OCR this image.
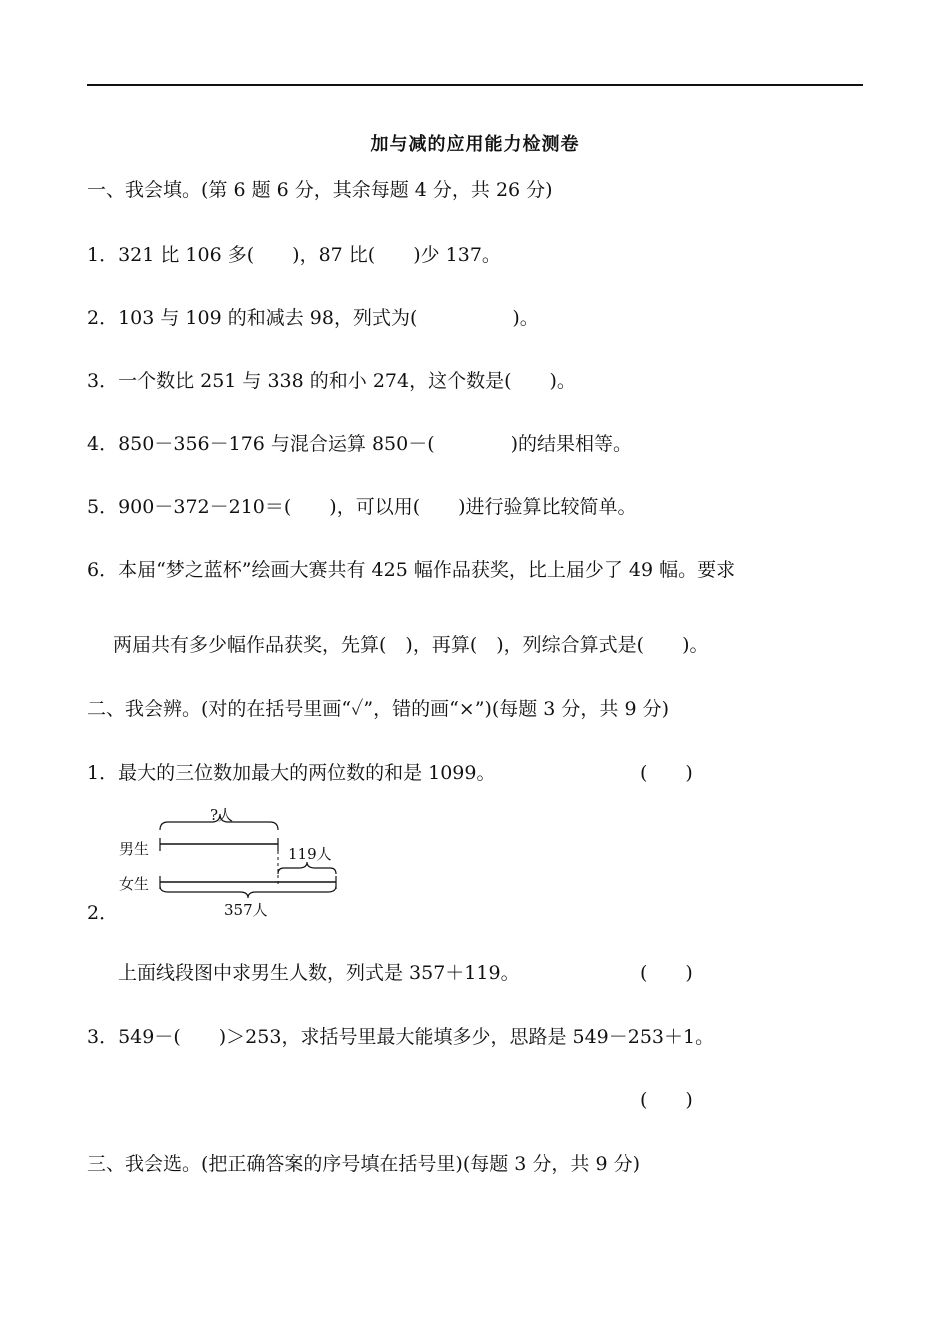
加与减的应用能力检测卷
一、我会填。(第 6 题 6 分，其余每题 4 分，共 26 分)
1．321 比 106 多(　　)，87 比(　　)少 137。
2．103 与 109 的和减去 98，列式为(　　　　　)。
3．一个数比 251 与 338 的和小 274，这个数是(　　)。
4．850－356－176 与混合运算 850－(　　　　)的结果相等。
5．900－372－210＝(　　)，可以用(　　)进行验算比较简单。
6．本届“梦之蓝杯”绘画大赛共有 425 幅作品获奖，比上届少了 49 幅。要求
两届共有多少幅作品获奖，先算(　)，再算(　)，列综合算式是(　　)。
二、我会辨。(对的在括号里画“✓”，错的画“×”)(每题 3 分，共 9 分)
1．最大的三位数加最大的两位数的和是 1099。	(　　)
?人
男生	119人
女生
357人
2．
上面线段图中求男生人数，列式是 357＋119。	(　　)
3．549－(　　)＞253，求括号里最大能填多少，思路是 549－253＋1。
(　　)
三、我会选。(把正确答案的序号填在括号里)(每题 3 分，共 9 分)
